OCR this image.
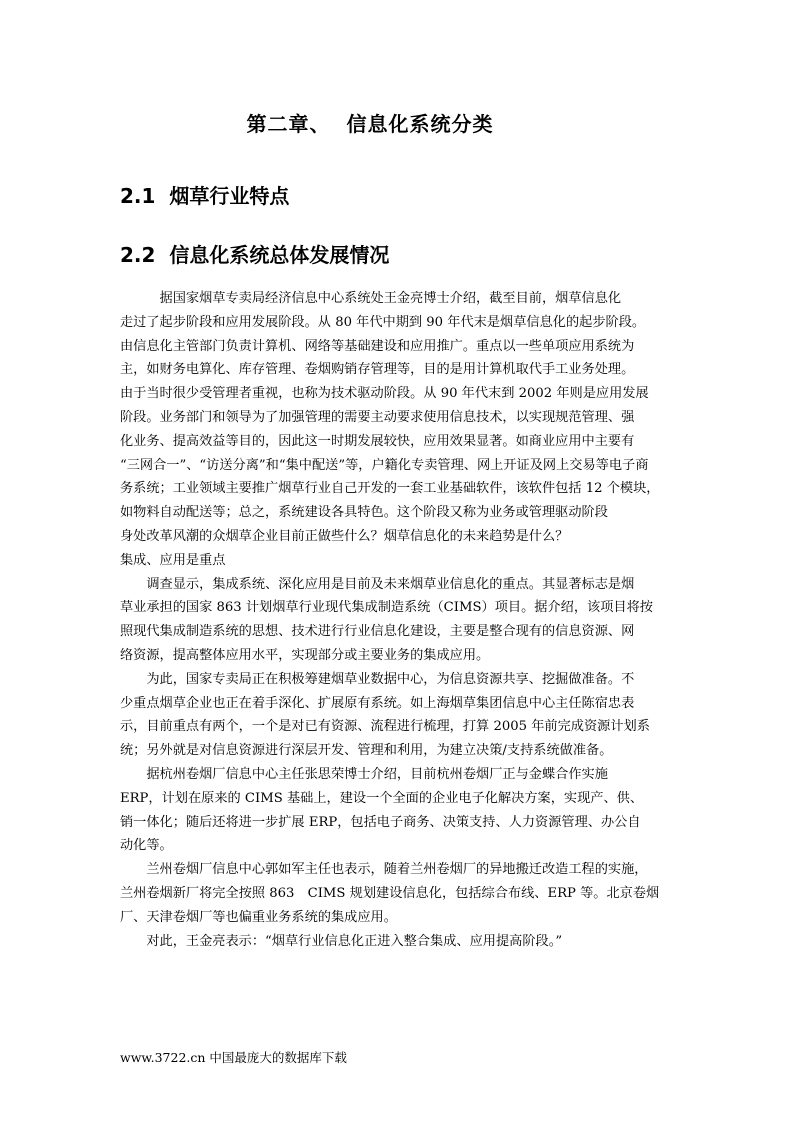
第二章、  信息化系统分类
2.1  烟草行业特点
2.2  信息化系统总体发展情况
　　　据国家烟草专卖局经济信息中心系统处王金亮博士介绍，截至目前，烟草信息化
走过了起步阶段和应用发展阶段。从 80 年代中期到 90 年代末是烟草信息化的起步阶段。
由信息化主管部门负责计算机、网络等基础建设和应用推广。重点以一些单项应用系统为
主，如财务电算化、库存管理、卷烟购销存管理等，目的是用计算机取代手工业务处理。
由于当时很少受管理者重视，也称为技术驱动阶段。从 90 年代末到 2002 年则是应用发展
阶段。业务部门和领导为了加强管理的需要主动要求使用信息技术，以实现规范管理、强
化业务、提高效益等目的，因此这一时期发展较快，应用效果显著。如商业应用中主要有
“三网合一”、“访送分离”和“集中配送”等，户籍化专卖管理、网上开证及网上交易等电子商
务系统；工业领域主要推广烟草行业自己开发的一套工业基础软件，该软件包括 12 个模块，
如物料自动配送等；总之，系统建设各具特色。这个阶段又称为业务或管理驱动阶段
身处改革风潮的众烟草企业目前正做些什么？烟草信息化的未来趋势是什么？
集成、应用是重点
　　调查显示，集成系统、深化应用是目前及未来烟草业信息化的重点。其显著标志是烟
草业承担的国家 863 计划烟草行业现代集成制造系统（CIMS）项目。据介绍，该项目将按
照现代集成制造系统的思想、技术进行行业信息化建设，主要是整合现有的信息资源、网
络资源，提高整体应用水平，实现部分或主要业务的集成应用。
　　为此，国家专卖局正在积极筹建烟草业数据中心，为信息资源共享、挖掘做准备。不
少重点烟草企业也正在着手深化、扩展原有系统。如上海烟草集团信息中心主任陈宿忠表
示，目前重点有两个，一个是对已有资源、流程进行梳理，打算 2005 年前完成资源计划系
统；另外就是对信息资源进行深层开发、管理和利用，为建立决策/支持系统做准备。
　　据杭州卷烟厂信息中心主任张思荣博士介绍，目前杭州卷烟厂正与金蝶合作实施
ERP，计划在原来的 CIMS 基础上，建设一个全面的企业电子化解决方案，实现产、供、
销一体化；随后还将进一步扩展 ERP，包括电子商务、决策支持、人力资源管理、办公自
动化等。
　　兰州卷烟厂信息中心郭如军主任也表示，随着兰州卷烟厂的异地搬迁改造工程的实施，
兰州卷烟新厂将完全按照 863　CIMS 规划建设信息化，包括综合布线、ERP 等。北京卷烟
厂、天津卷烟厂等也偏重业务系统的集成应用。
　　对此，王金亮表示：“烟草行业信息化正进入整合集成、应用提高阶段。”
www.3722.cn 中国最庞大的数据库下载
